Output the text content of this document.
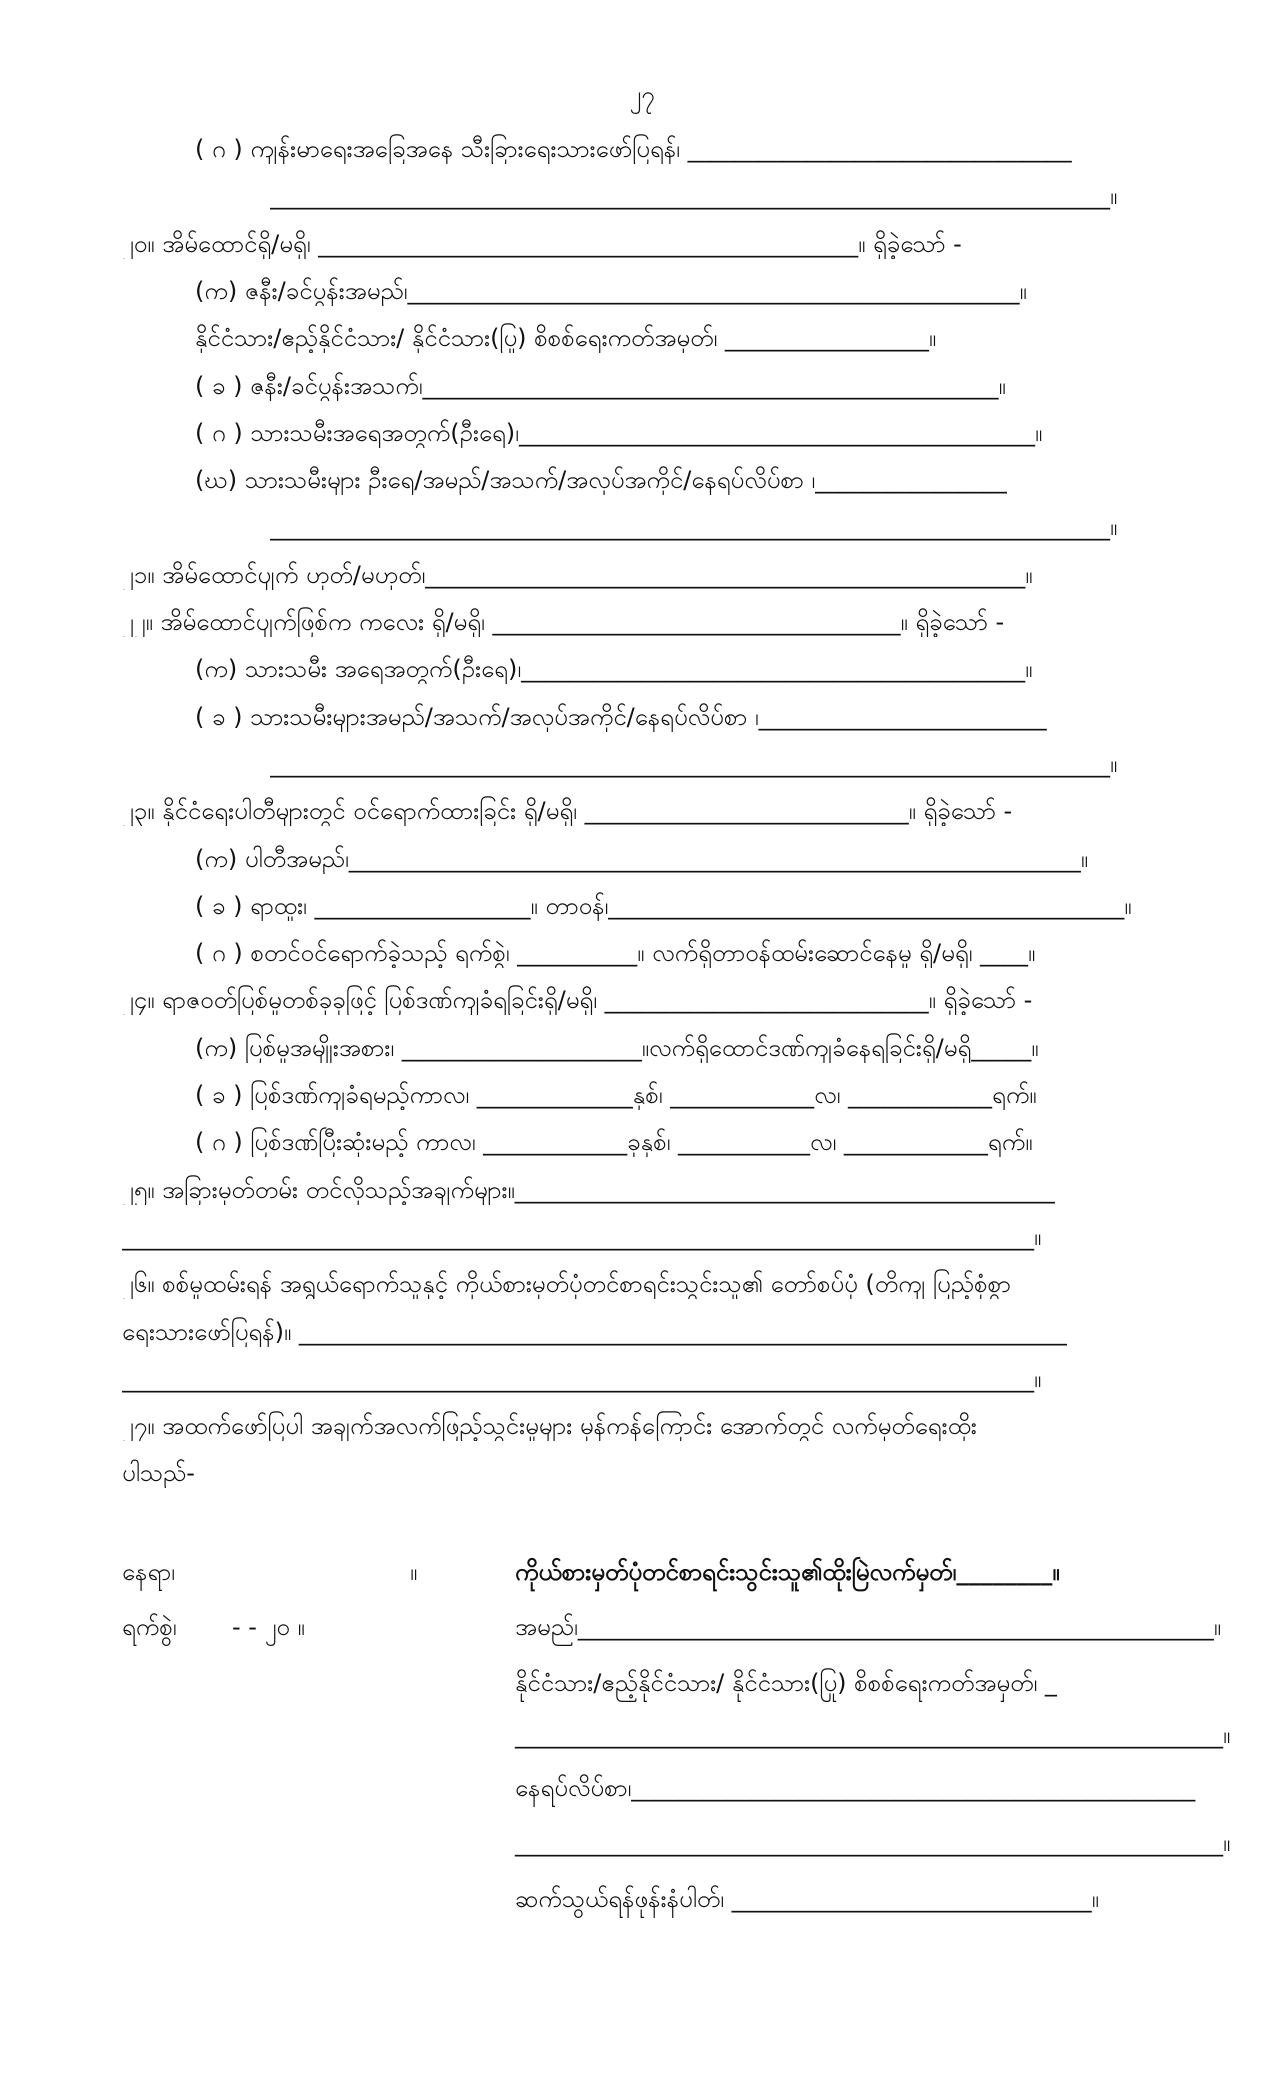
၂၇
( ဂ ) ကျန်းမာရေးအခြေအနေ သီးခြားရေးသားဖော်ပြရန်၊ ________________________________
______________________________________________________________________။
၂၀။ အိမ်ထောင်ရှိ/မရှိ၊ _____________________________________________။ ရှိခဲ့သော် -
(က) ဇနီး/ခင်ပွန်းအမည်၊___________________________________________________။
နိုင်ငံသား/ဧည့်နိုင်ငံသား/ နိုင်ငံသား(ပြု) စိစစ်ရေးကတ်အမှတ်၊ _________________။
( ခ ) ဇနီး/ခင်ပွန်းအသက်၊________________________________________________။
( ဂ ) သားသမီးအရေအတွက်(ဦးရေ)၊___________________________________________။
(ဃ) သားသမီးများ ဦးရေ/အမည်/အသက်/အလုပ်အကိုင်/နေရပ်လိပ်စာ ၊________________
______________________________________________________________________။
၂၁။ အိမ်ထောင်ပျက် ဟုတ်/မဟုတ်၊__________________________________________________။
၂၂။ အိမ်ထောင်ပျက်ဖြစ်က ကလေး ရှိ/မရှိ၊ __________________________________။ ရှိခဲ့သော် -
(က) သားသမီး အရေအတွက်(ဦးရေ)၊__________________________________________။
( ခ ) သားသမီးများအမည်/အသက်/အလုပ်အကိုင်/နေရပ်လိပ်စာ ၊________________________
______________________________________________________________________။
၂၃။ နိုင်ငံရေးပါတီများတွင် ဝင်ရောက်ထားခြင်း ရှိ/မရှိ၊ ___________________________။ ရှိခဲ့သော် -
(က) ပါတီအမည်၊_____________________________________________________________။
( ခ ) ရာထူး၊ __________________။ တာဝန်၊___________________________________________။
( ဂ ) စတင်ဝင်ရောက်ခဲ့သည့် ရက်စွဲ၊ __________။ လက်ရှိတာဝန်ထမ်းဆောင်နေမှု ရှိ/မရှိ၊ ____။
၂၄။ ရာဇဝတ်ပြစ်မှုတစ်ခုခုဖြင့် ပြစ်ဒဏ်ကျခံရခြင်းရှိ/မရှိ၊ ___________________________။ ရှိခဲ့သော် -
(က) ပြစ်မှုအမျိုးအစား၊ ____________________။လက်ရှိထောင်ဒဏ်ကျခံနေရခြင်းရှိ/မရှိ_____။
( ခ ) ပြစ်ဒဏ်ကျခံရမည့်ကာလ၊ _____________နှစ်၊ ____________လ၊ ____________ရက်။
( ဂ ) ပြစ်ဒဏ်ပြီးဆုံးမည့် ကာလ၊ ____________ခုနှစ်၊ ___________လ၊ ____________ရက်။
၂၅။ အခြားမှတ်တမ်း တင်လိုသည့်အချက်များ။_____________________________________________
____________________________________________________________________________။
၂၆။ စစ်မှုထမ်းရန် အရွယ်ရောက်သူနှင့် ကိုယ်စားမှတ်ပုံတင်စာရင်းသွင်းသူ၏ တော်စပ်ပုံ (တိကျ ပြည့်စုံစွာ
ရေးသားဖော်ပြရန်)။ ________________________________________________________________
____________________________________________________________________________။
၂၇။ အထက်ဖော်ပြပါ အချက်အလက်ဖြည့်သွင်းမှုများ မှန်ကန်ကြောင်း အောက်တွင် လက်မှတ်ရေးထိုး
ပါသည်-
နေရာ၊	။
ရက်စွဲ၊ - - ၂၀ ။
ကိုယ်စားမှတ်ပုံတင်စာရင်းသွင်းသူ၏ထိုးမြဲလက်မှတ်၊________။
အမည်၊_____________________________________________________။
နိုင်ငံသား/ဧည့်နိုင်ငံသား/ နိုင်ငံသား(ပြု) စိစစ်ရေးကတ်အမှတ်၊ _
___________________________________________________________။
နေရပ်လိပ်စာ၊_______________________________________________
___________________________________________________________။
ဆက်သွယ်ရန်ဖုန်းနံပါတ်၊ ______________________________။
